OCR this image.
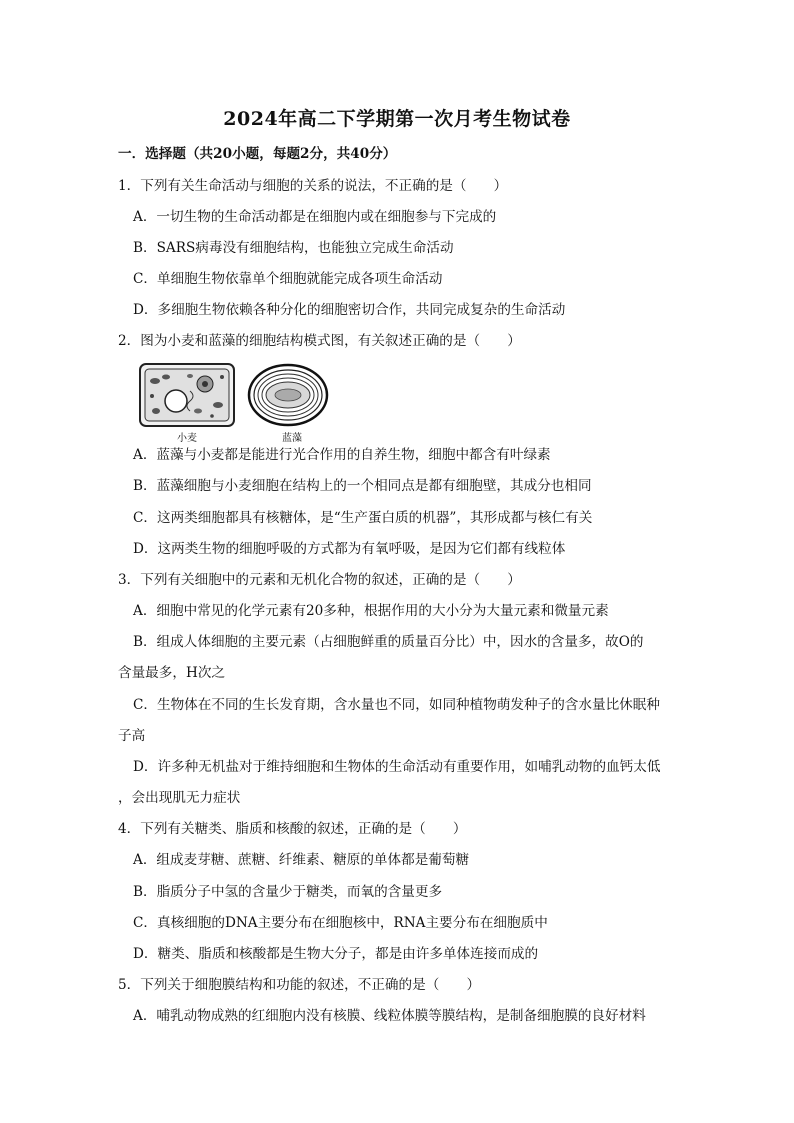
2024年高二下学期第一次月考生物试卷
一．选择题（共20小题，每题2分，共40分）
1．下列有关生命活动与细胞的关系的说法，不正确的是（　　）
A．一切生物的生命活动都是在细胞内或在细胞参与下完成的
B．SARS病毒没有细胞结构，也能独立完成生命活动
C．单细胞生物依靠单个细胞就能完成各项生命活动
D．多细胞生物依赖各种分化的细胞密切合作，共同完成复杂的生命活动
2．图为小麦和蓝藻的细胞结构模式图，有关叙述正确的是（　　）
小麦	蓝藻
A．蓝藻与小麦都是能进行光合作用的自养生物，细胞中都含有叶绿素
B．蓝藻细胞与小麦细胞在结构上的一个相同点是都有细胞壁，其成分也相同
C．这两类细胞都具有核糖体，是“生产蛋白质的机器”，其形成都与核仁有关
D．这两类生物的细胞呼吸的方式都为有氧呼吸，是因为它们都有线粒体
3．下列有关细胞中的元素和无机化合物的叙述，正确的是（　　）
A．细胞中常见的化学元素有20多种，根据作用的大小分为大量元素和微量元素
B．组成人体细胞的主要元素（占细胞鲜重的质量百分比）中，因水的含量多，故O的
含量最多，H次之
C．生物体在不同的生长发育期，含水量也不同，如同种植物萌发种子的含水量比休眠种
子高
D．许多种无机盐对于维持细胞和生物体的生命活动有重要作用，如哺乳动物的血钙太低
，会出现肌无力症状
4．下列有关糖类、脂质和核酸的叙述，正确的是（　　）
A．组成麦芽糖、蔗糖、纤维素、糖原的单体都是葡萄糖
B．脂质分子中氢的含量少于糖类，而氧的含量更多
C．真核细胞的DNA主要分布在细胞核中，RNA主要分布在细胞质中
D．糖类、脂质和核酸都是生物大分子，都是由许多单体连接而成的
5．下列关于细胞膜结构和功能的叙述，不正确的是（　　）
A．哺乳动物成熟的红细胞内没有核膜、线粒体膜等膜结构，是制备细胞膜的良好材料
